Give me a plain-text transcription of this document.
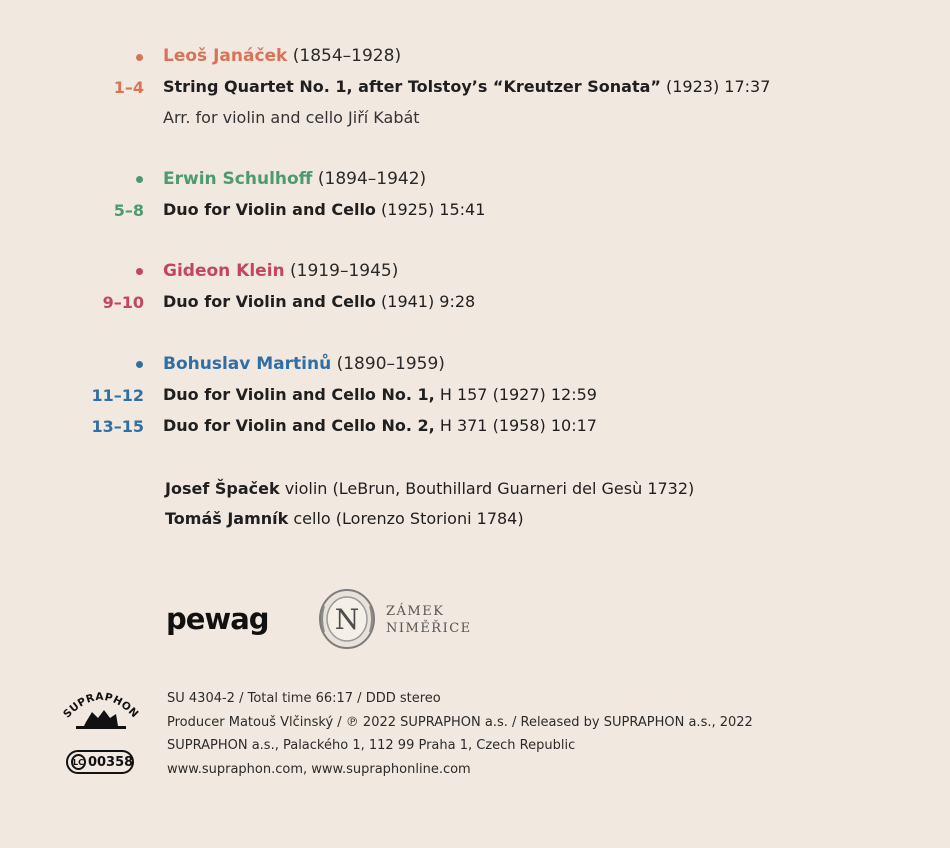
Leoš Janáček (1854–1928)
1–4 String Quartet No. 1, after Tolstoy’s “Kreutzer Sonata” (1923) 17:37
Arr. for violin and cello Jiří Kabát
Erwin Schulhoff (1894–1942)
5–8 Duo for Violin and Cello (1925) 15:41
Gideon Klein (1919–1945)
9–10 Duo for Violin and Cello (1941) 9:28
Bohuslav Martinů (1890–1959)
11–12 Duo for Violin and Cello No. 1, H 157 (1927) 12:59
13–15 Duo for Violin and Cello No. 2, H 371 (1958) 10:17
Josef Špaček violin (LeBrun, Bouthillard Guarneri del Gesù 1732)
Tomáš Jamník cello (Lorenzo Storioni 1784)
pewag N ZÁMEK
NIMĚŘICE
SUPRAPHON
LC 00358
SU 4304-2 / Total time 66:17 / DDD stereo
Producer Matouš Vlčinský / ℗ 2022 SUPRAPHON a.s. / Released by SUPRAPHON a.s., 2022
SUPRAPHON a.s., Palackého 1, 112 99 Praha 1, Czech Republic
www.supraphon.com, www.supraphonline.com
